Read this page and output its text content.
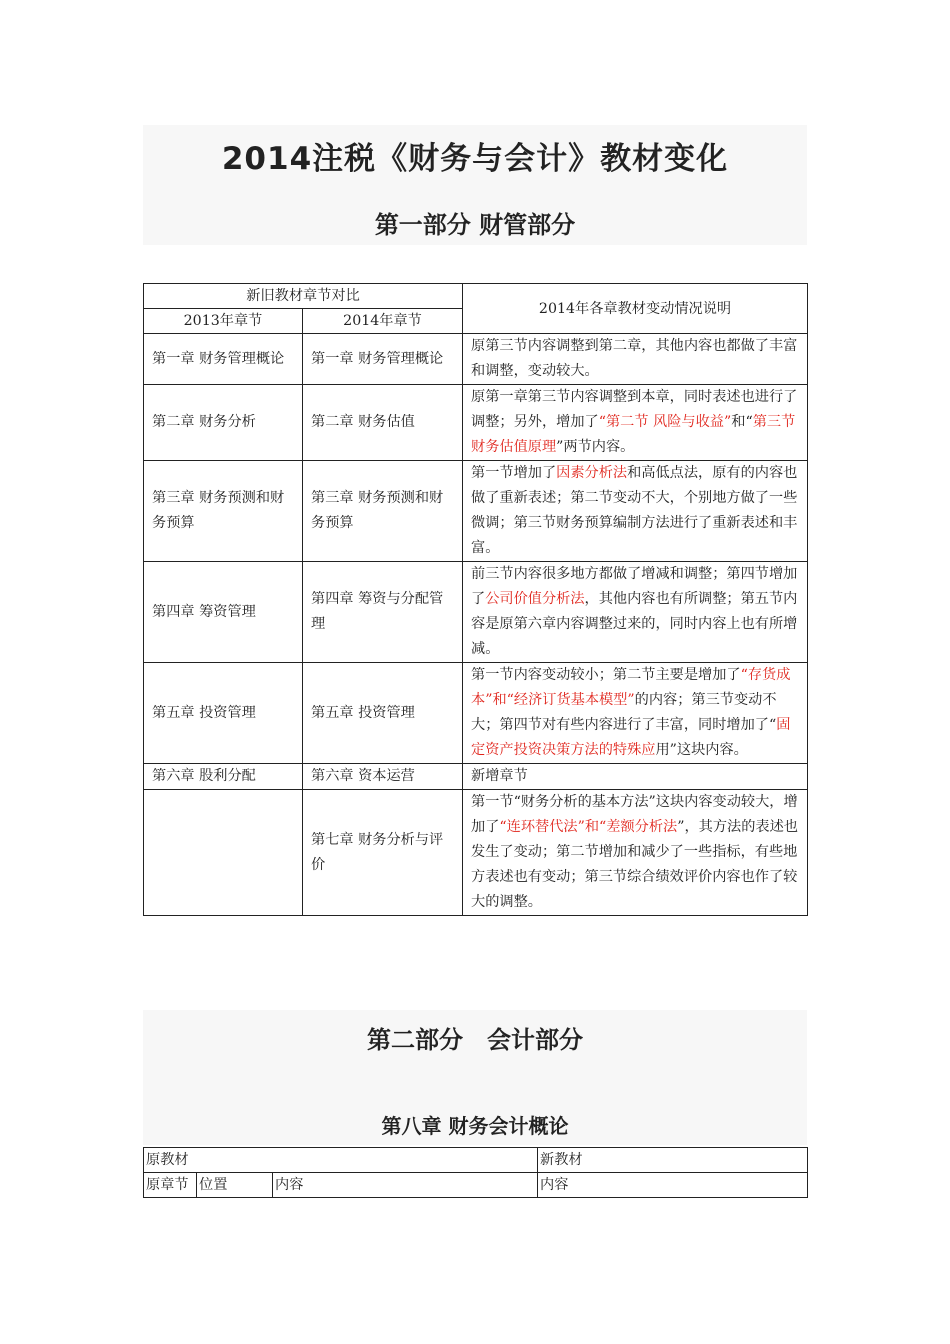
2014注税《财务与会计》教材变化
第一部分 财管部分
新旧教材章节对比		2014年各章教材变动情况说明
2013年章节	2014年章节	
第一章 财务管理概论	第一章 财务管理概论	原第三节内容调整到第二章，其他内容也都做了丰富和调整，变动较大。
第二章 财务分析	第二章 财务估值	原第一章第三节内容调整到本章，同时表述也进行了调整；另外，增加了“第二节 风险与收益”和“第三节 财务估值原理”两节内容。
第三章 财务预测和财务预算	第三章 财务预测和财务预算	第一节增加了因素分析法和高低点法，原有的内容也做了重新表述；第二节变动不大，个别地方做了一些微调；第三节财务预算编制方法进行了重新表述和丰富。
第四章 筹资管理	第四章 筹资与分配管理	前三节内容很多地方都做了增减和调整；第四节增加了公司价值分析法，其他内容也有所调整；第五节内容是原第六章内容调整过来的，同时内容上也有所增减。
第五章 投资管理	第五章 投资管理	第一节内容变动较小；第二节主要是增加了“存货成本”和“经济订货基本模型”的内容；第三节变动不大；第四节对有些内容进行了丰富，同时增加了“固定资产投资决策方法的特殊应用”这块内容。
第六章 股利分配	第六章 资本运营	新增章节
	第七章 财务分析与评价	第一节“财务分析的基本方法”这块内容变动较大，增加了“连环替代法”和“差额分析法”，其方法的表述也发生了变动；第二节增加和减少了一些指标，有些地方表述也有变动；第三节综合绩效评价内容也作了较大的调整。
第二部分　会计部分
第八章 财务会计概论
原教材			新教材
原章节	位置	内容	内容
